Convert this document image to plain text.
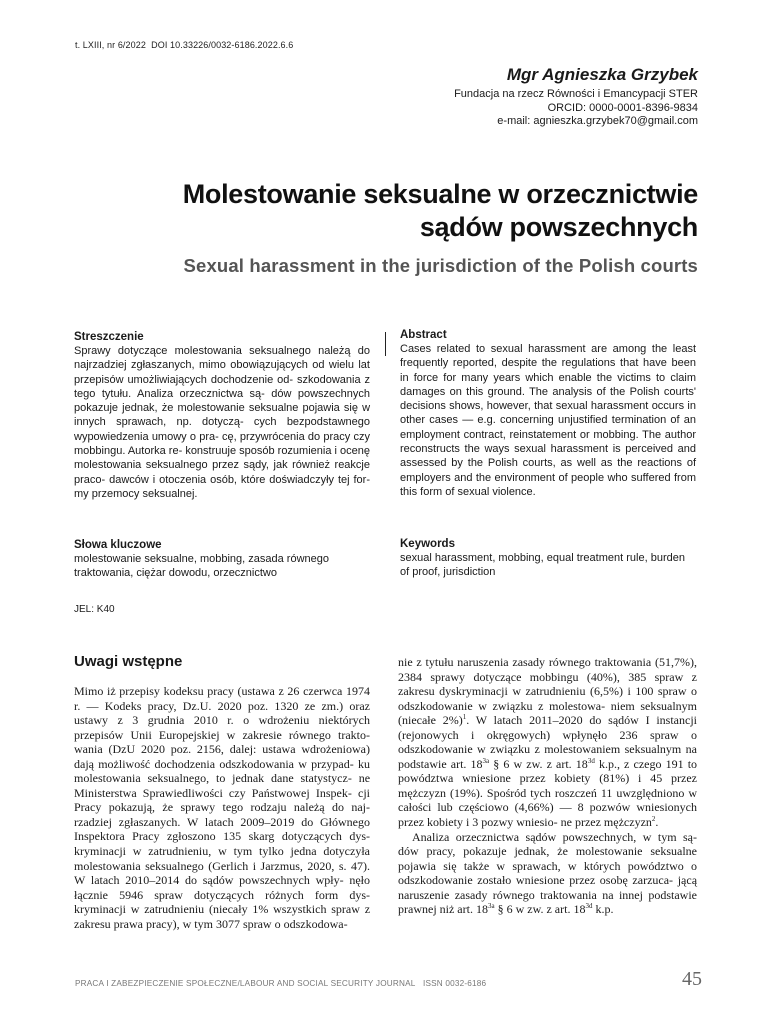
t. LXIII, nr 6/2022 DOI 10.33226/0032-6186.2022.6.6
Mgr Agnieszka Grzybek
Fundacja na rzecz Równości i Emancypacji STER
ORCID: 0000-0001-8396-9834
e-mail: agnieszka.grzybek70@gmail.com
Molestowanie seksualne w orzecznictwie
sądów powszechnych
Sexual harassment in the jurisdiction of the Polish courts
Streszczenie
Sprawy dotyczące molestowania seksualnego należą do najrzadziej zgłaszanych, mimo obowiązujących od wielu lat przepisów umożliwiających dochodzenie od- szkodowania z tego tytułu. Analiza orzecznictwa są- dów powszechnych pokazuje jednak, że molestowanie seksualne pojawia się w innych sprawach, np. dotyczą- cych bezpodstawnego wypowiedzenia umowy o pra- cę, przywrócenia do pracy czy mobbingu. Autorka re- konstruuje sposób rozumienia i ocenę molestowania seksualnego przez sądy, jak również reakcje praco- dawców i otoczenia osób, które doświadczyły tej for- my przemocy seksualnej.
Abstract
Cases related to sexual harassment are among the least frequently reported, despite the regulations that have been in force for many years which enable the victims to claim damages on this ground. The analysis of the Polish courts' decisions shows, however, that sexual harassment occurs in other cases — e.g. concerning unjustified termination of an employment contract, reinstatement or mobbing. The author reconstructs the ways sexual harassment is perceived and assessed by the Polish courts, as well as the reactions of employers and the environment of people who suffered from this form of sexual violence.
Słowa kluczowe
molestowanie seksualne, mobbing, zasada równego traktowania, ciężar dowodu, orzecznictwo
Keywords
sexual harassment, mobbing, equal treatment rule, burden of proof, jurisdiction
JEL: K40
Uwagi wstępne
Mimo iż przepisy kodeksu pracy (ustawa z 26 czerwca 1974 r. — Kodeks pracy, Dz.U. 2020 poz. 1320 ze zm.) oraz ustawy z 3 grudnia 2010 r. o wdrożeniu niektórych przepisów Unii Europejskiej w zakresie równego trakto- wania (DzU 2020 poz. 2156, dalej: ustawa wdrożeniowa) dają możliwość dochodzenia odszkodowania w przypad- ku molestowania seksualnego, to jednak dane statystycz- ne Ministerstwa Sprawiedliwości czy Państwowej Inspek- cji Pracy pokazują, że sprawy tego rodzaju należą do naj- rzadziej zgłaszanych. W latach 2009–2019 do Głównego Inspektora Pracy zgłoszono 135 skarg dotyczących dys- kryminacji w zatrudnieniu, w tym tylko jedna dotyczyła molestowania seksualnego (Gerlich i Jarzmus, 2020, s. 47). W latach 2010–2014 do sądów powszechnych wpły- nęło łącznie 5946 spraw dotyczących różnych form dys- kryminacji w zatrudnieniu (niecały 1% wszystkich spraw z zakresu prawa pracy), w tym 3077 spraw o odszkodowa-

nie z tytułu naruszenia zasady równego traktowania (51,7%), 2384 sprawy dotyczące mobbingu (40%), 385 spraw z zakresu dyskryminacji w zatrudnieniu (6,5%) i 100 spraw o odszkodowanie w związku z molestowa- niem seksualnym (niecałe 2%)$^1$. W latach 2011–2020 do sądów I instancji (rejonowych i okręgowych) wpłynęło 236 spraw o odszkodowanie w związku z molestowaniem seksualnym na podstawie art. $18^{3a}$ § 6 w zw. z art. $18^{3d}$ k.p., z czego 191 to powództwa wniesione przez kobiety (81%) i 45 przez mężczyzn (19%). Spośród tych roszczeń 11 uwzględniono w całości lub częściowo (4,66%) — 8 pozwów wniesionych przez kobiety i 3 pozwy wniesio- ne przez mężczyzn$^2$.

Analiza orzecznictwa sądów powszechnych, w tym są- dów pracy, pokazuje jednak, że molestowanie seksualne pojawia się także w sprawach, w których powództwo o odszkodowanie zostało wniesione przez osobę zarzuca- jącą naruszenie zasady równego traktowania na innej podstawie prawnej niż art. $18^{3a}$ § 6 w zw. z art. $18^{3d}$ k.p.

PRACA I ZABEZPIECZENIE SPOŁECZNE/LABOUR AND SOCIAL SECURITY JOURNAL ISSN 0032-6186	45
